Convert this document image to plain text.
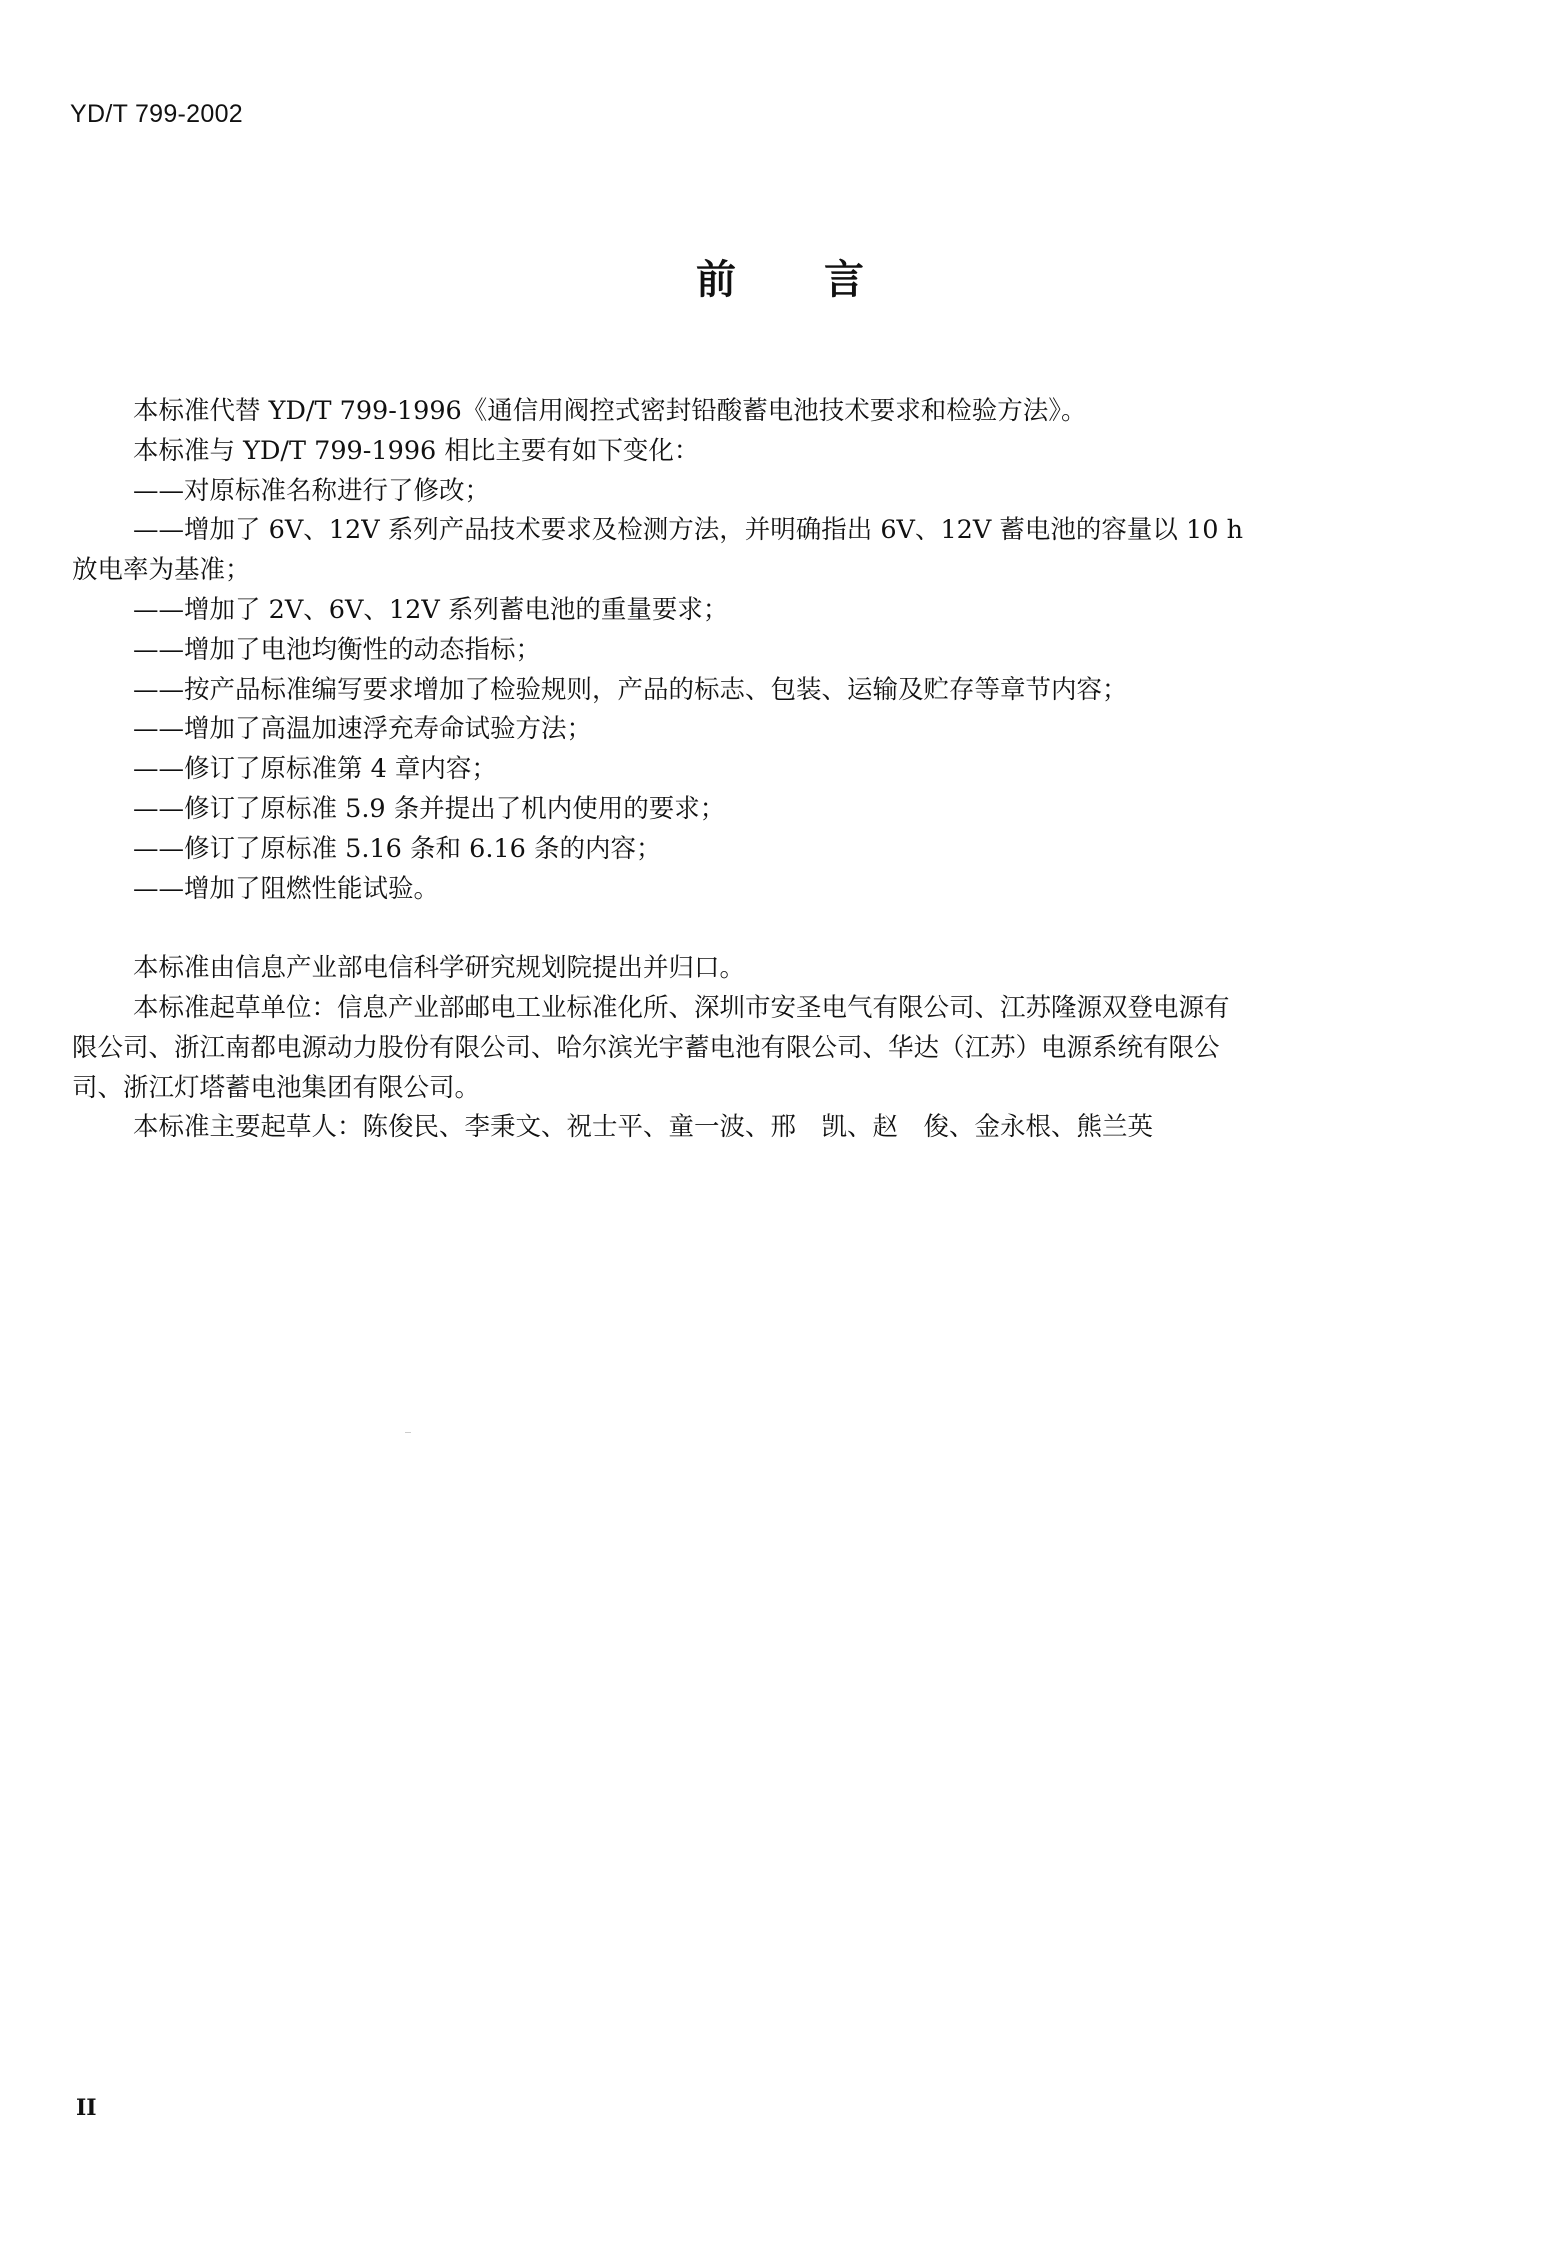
YD/T 799-2002
前 言

本标准代替 YD/T 799-1996《通信用阀控式密封铅酸蓄电池技术要求和检验方法》。

本标准与 YD/T 799-1996 相比主要有如下变化：

——对原标准名称进行了修改；

——增加了 6V、12V 系列产品技术要求及检测方法，并明确指出 6V、12V 蓄电池的容量以 10 h

放电率为基准；

——增加了 2V、6V、12V 系列蓄电池的重量要求；

——增加了电池均衡性的动态指标；

——按产品标准编写要求增加了检验规则，产品的标志、包装、运输及贮存等章节内容；

——增加了高温加速浮充寿命试验方法；

——修订了原标准第 4 章内容；

——修订了原标准 5.9 条并提出了机内使用的要求；

——修订了原标准 5.16 条和 6.16 条的内容；

——增加了阻燃性能试验。

本标准由信息产业部电信科学研究规划院提出并归口。

本标准起草单位：信息产业部邮电工业标准化所、深圳市安圣电气有限公司、江苏隆源双登电源有

限公司、浙江南都电源动力股份有限公司、哈尔滨光宇蓄电池有限公司、华达（江苏）电源系统有限公

司、浙江灯塔蓄电池集团有限公司。

本标准主要起草人：陈俊民、李秉文、祝士平、童一波、邢　凯、赵　俊、金永根、熊兰英

II
